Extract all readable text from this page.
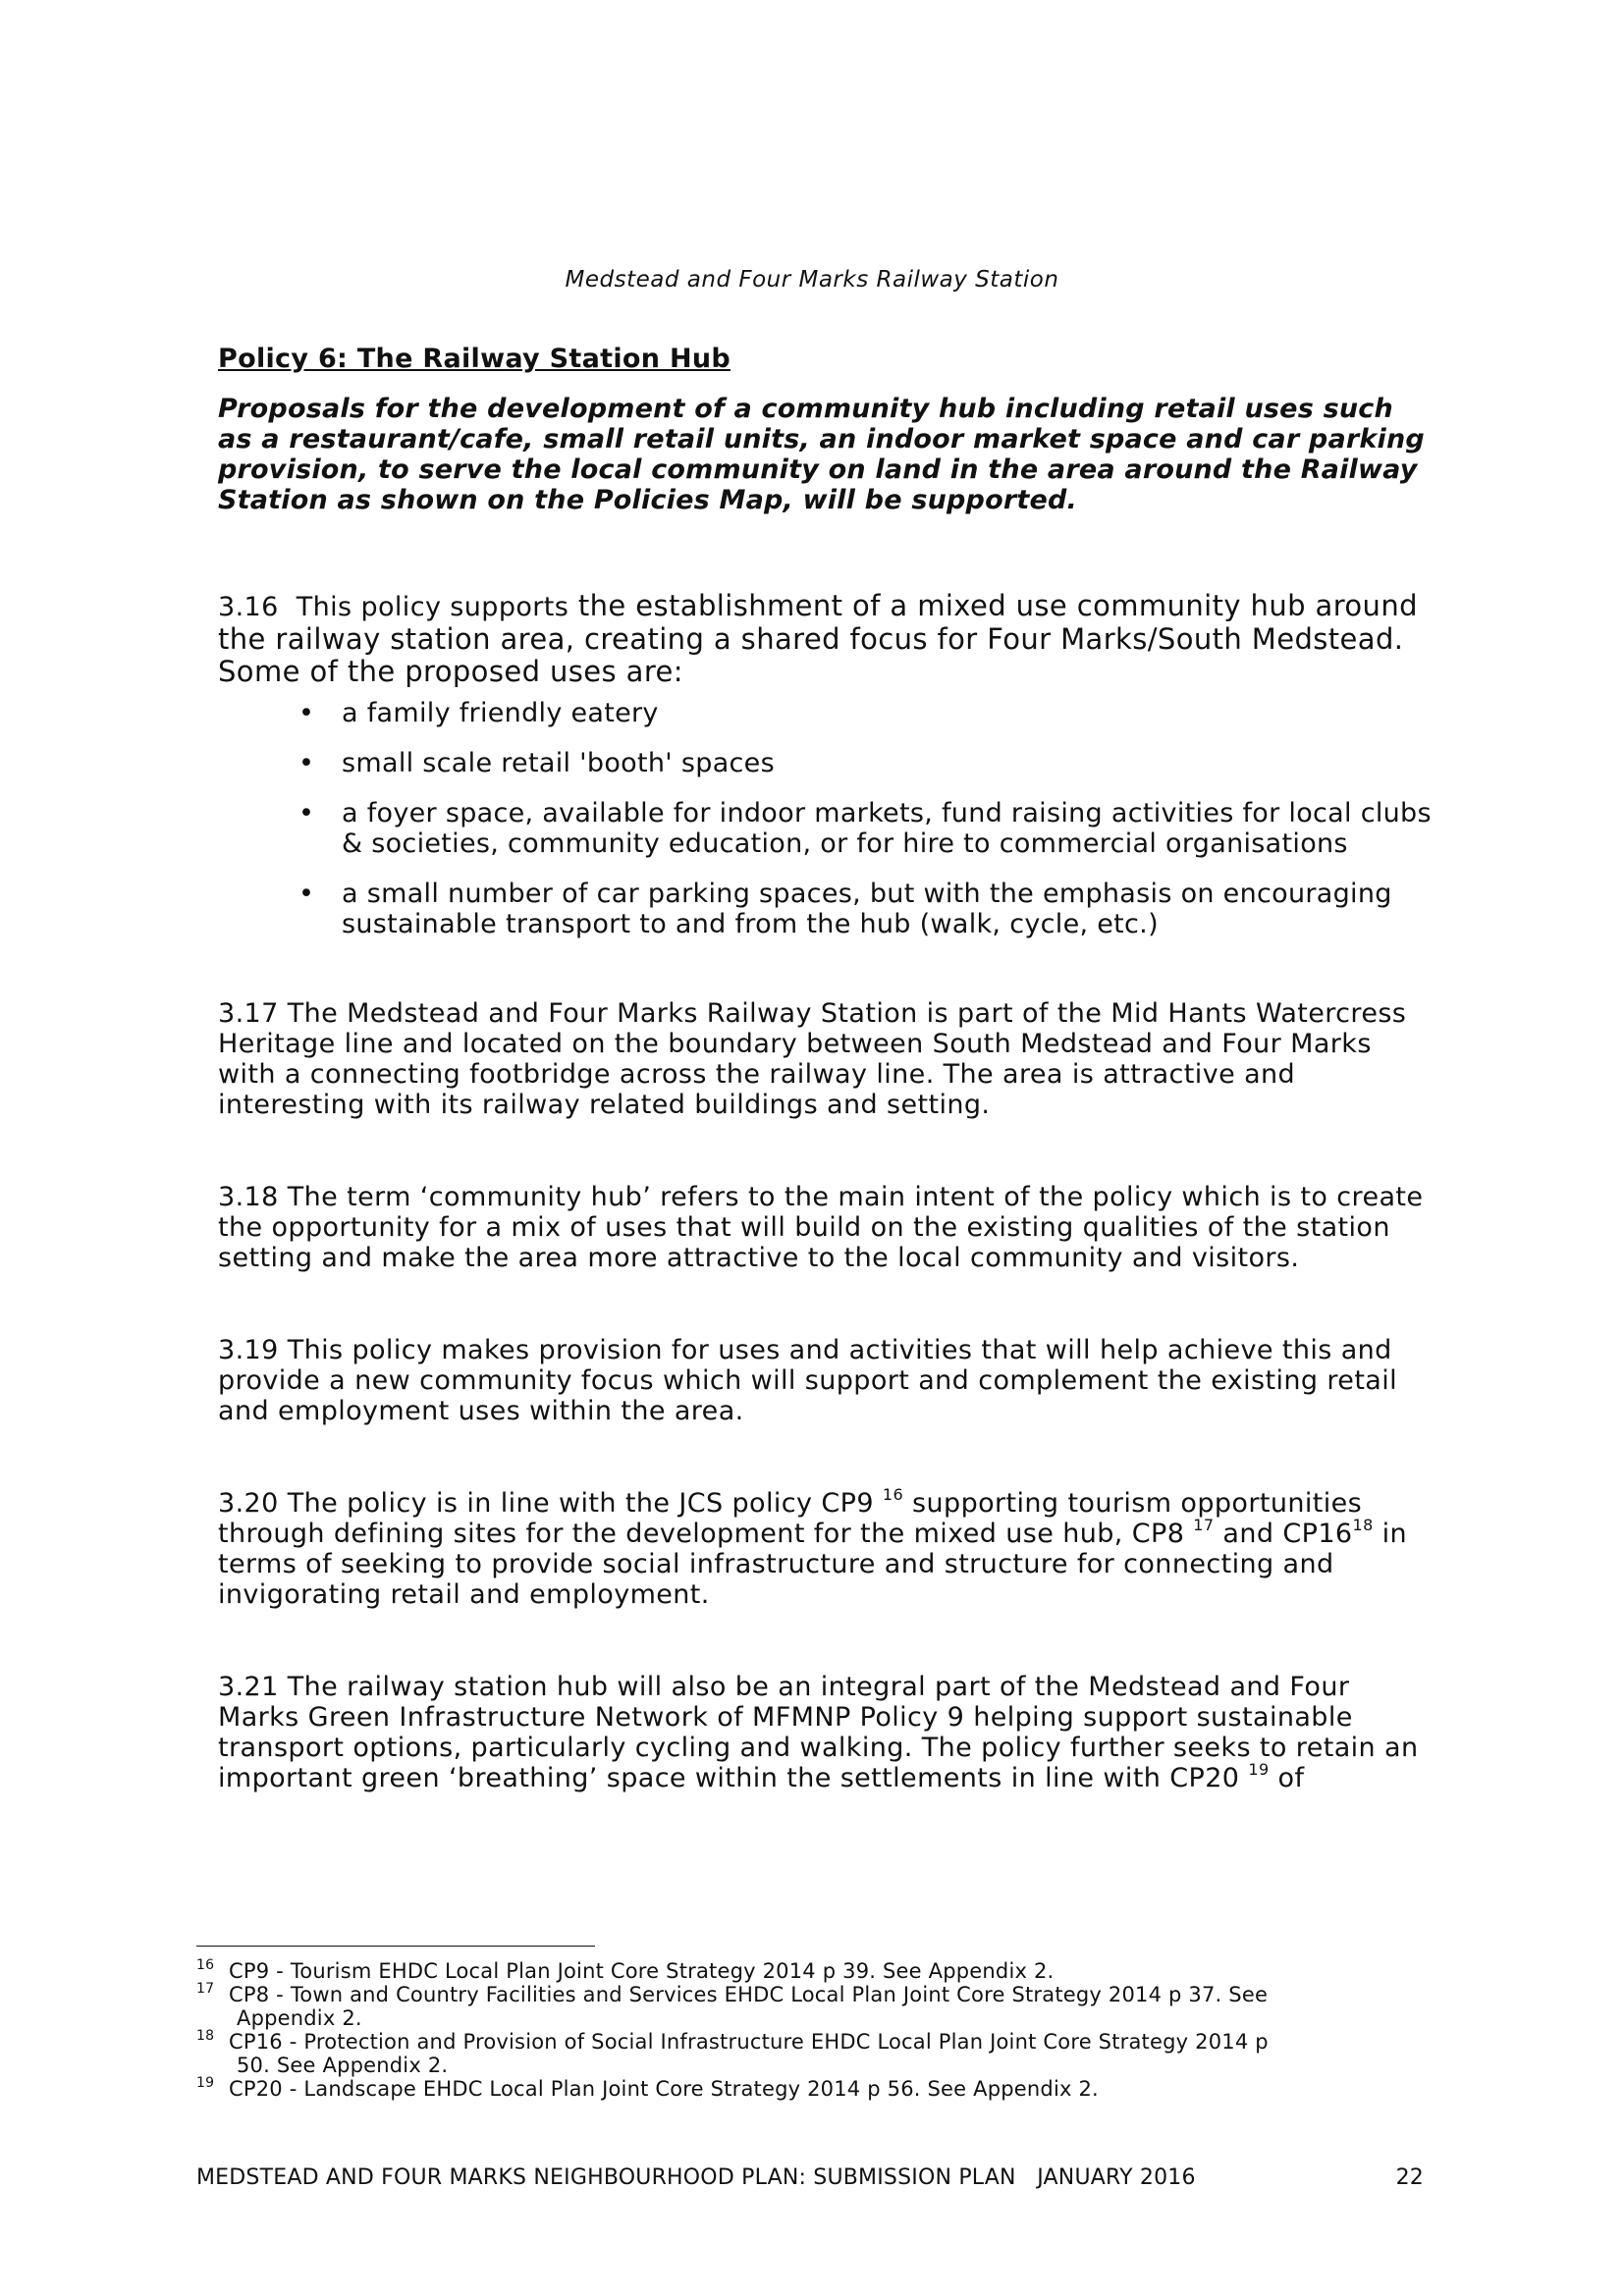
Medstead and Four Marks Railway Station
Policy 6: The Railway Station Hub

Proposals for the development of a community hub including retail uses such as a restaurant/cafe, small retail units, an indoor market space and car parking provision, to serve the local community on land in the area around the Railway Station as shown on the Policies Map, will be supported.

3.16 This policy supports the establishment of a mixed use community hub around the railway station area, creating a shared focus for Four Marks/South Medstead. Some of the proposed uses are:

• a family friendly eatery
• small scale retail 'booth' spaces
• a foyer space, available for indoor markets, fund raising activities for local clubs & societies, community education, or for hire to commercial organisations
• a small number of car parking spaces, but with the emphasis on encouraging sustainable transport to and from the hub (walk, cycle, etc.)

3.17 The Medstead and Four Marks Railway Station is part of the Mid Hants Watercress Heritage line and located on the boundary between South Medstead and Four Marks with a connecting footbridge across the railway line. The area is attractive and interesting with its railway related buildings and setting.

3.18 The term ‘community hub’ refers to the main intent of the policy which is to create the opportunity for a mix of uses that will build on the existing qualities of the station setting and make the area more attractive to the local community and visitors.

3.19 This policy makes provision for uses and activities that will help achieve this and provide a new community focus which will support and complement the existing retail and employment uses within the area.

3.20 The policy is in line with the JCS policy CP9 $^{16}$ supporting tourism opportunities through defining sites for the development for the mixed use hub, CP8 $^{17}$ and $CP16^{18}$ in terms of seeking to provide social infrastructure and structure for connecting and invigorating retail and employment.

3.21 The railway station hub will also be an integral part of the Medstead and Four Marks Green Infrastructure Network of MFMNP Policy 9 helping support sustainable transport options, particularly cycling and walking. The policy further seeks to retain an important green ‘breathing’ space within the settlements in line with CP20 $^{19}$ of

16 CP9 - Tourism EHDC Local Plan Joint Core Strategy 2014 p 39. See Appendix 2.
17 CP8 - Town and Country Facilities and Services EHDC Local Plan Joint Core Strategy 2014 p 37. See
Appendix 2.
18 CP16 - Protection and Provision of Social Infrastructure EHDC Local Plan Joint Core Strategy 2014 p
50. See Appendix 2.
19 CP20 - Landscape EHDC Local Plan Joint Core Strategy 2014 p 56. See Appendix 2.
MEDSTEAD AND FOUR MARKS NEIGHBOURHOOD PLAN: SUBMISSION PLAN   JANUARY 2016	22
